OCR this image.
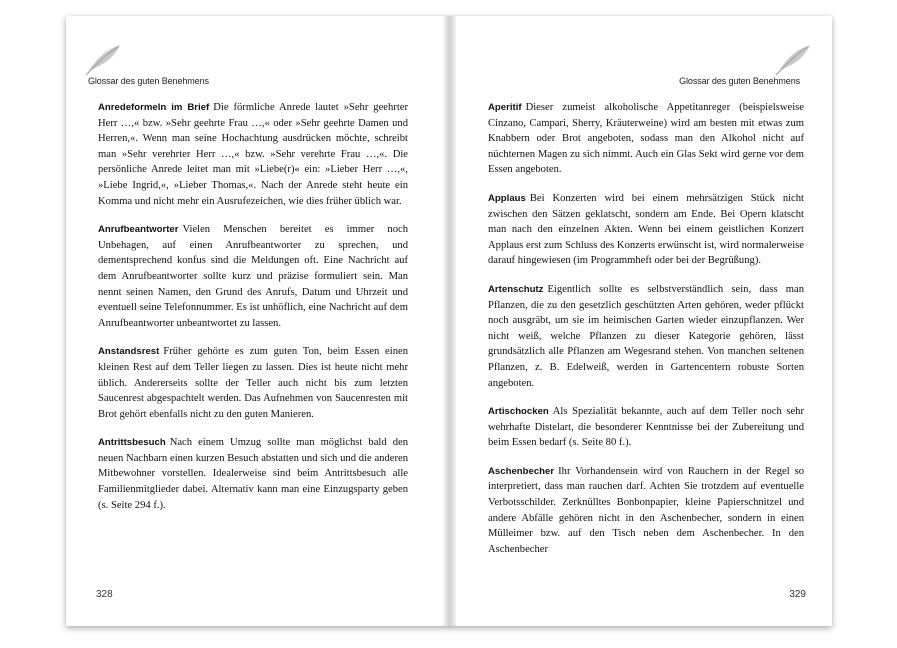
Glossar des guten Benehmens

Anredeformeln im Brief Die förmliche Anrede lautet »Sehr geehrter Herr …,« bzw. »Sehr geehrte Frau …,« oder »Sehr geehrte Damen und Herren,«. Wenn man seine Hochachtung ausdrücken möchte, schreibt man »Sehr verehrter Herr …,« bzw. »Sehr verehrte Frau …,«. Die persönliche Anrede leitet man mit »Liebe(r)« ein: »Lieber Herr …,«, »Liebe Ingrid,«, »Lieber Thomas,«. Nach der Anrede steht heute ein Komma und nicht mehr ein Ausrufezeichen, wie dies früher üblich war.

Anrufbeantworter Vielen Menschen bereitet es immer noch Unbehagen, auf einen Anrufbeantworter zu sprechen, und dementsprechend konfus sind die Meldungen oft. Eine Nachricht auf dem Anrufbeantworter sollte kurz und präzise formuliert sein. Man nennt seinen Namen, den Grund des Anrufs, Datum und Uhrzeit und eventuell seine Telefonnummer. Es ist unhöflich, eine Nachricht auf dem Anrufbeantworter unbeantwortet zu lassen.

Anstandsrest Früher gehörte es zum guten Ton, beim Essen einen kleinen Rest auf dem Teller liegen zu lassen. Dies ist heute nicht mehr üblich. Andererseits sollte der Teller auch nicht bis zum letzten Saucenrest abgespachtelt werden. Das Aufnehmen von Saucenresten mit Brot gehört ebenfalls nicht zu den guten Manieren.

Antrittsbesuch Nach einem Umzug sollte man möglichst bald den neuen Nachbarn einen kurzen Besuch abstatten und sich und die anderen Mitbewohner vorstellen. Idealerweise sind beim Antrittsbesuch alle Familienmitglieder dabei. Alternativ kann man eine Einzugsparty geben (s. Seite 294 f.).

328
Glossar des guten Benehmens

Aperitif Dieser zumeist alkoholische Appetitanreger (beispielsweise Cinzano, Campari, Sherry, Kräuterweine) wird am besten mit etwas zum Knabbern oder Brot angeboten, sodass man den Alkohol nicht auf nüchternen Magen zu sich nimmt. Auch ein Glas Sekt wird gerne vor dem Essen angeboten.

Applaus Bei Konzerten wird bei einem mehrsätzigen Stück nicht zwischen den Sätzen geklatscht, sondern am Ende. Bei Opern klatscht man nach den einzelnen Akten. Wenn bei einem geistlichen Konzert Applaus erst zum Schluss des Konzerts erwünscht ist, wird normalerweise darauf hingewiesen (im Programmheft oder bei der Begrüßung).

Artenschutz Eigentlich sollte es selbstverständlich sein, dass man Pflanzen, die zu den gesetzlich geschützten Arten gehören, weder pflückt noch ausgräbt, um sie im heimischen Garten wieder einzupflanzen. Wer nicht weiß, welche Pflanzen zu dieser Kategorie gehören, lässt grundsätzlich alle Pflanzen am Wegesrand stehen. Von manchen seltenen Pflanzen, z. B. Edelweiß, werden in Gartencentern robuste Sorten angeboten.

Artischocken Als Spezialität bekannte, auch auf dem Teller noch sehr wehrhafte Distelart, die besonderer Kenntnisse bei der Zubereitung und beim Essen bedarf (s. Seite 80 f.).

Aschenbecher Ihr Vorhandensein wird von Rauchern in der Regel so interpretiert, dass man rauchen darf. Achten Sie trotzdem auf eventuelle Verbotsschilder. Zerknülltes Bonbonpapier, kleine Papierschnitzel und andere Abfälle gehören nicht in den Aschenbecher, sondern in einen Mülleimer bzw. auf den Tisch neben dem Aschenbecher. In den Aschenbecher

329
